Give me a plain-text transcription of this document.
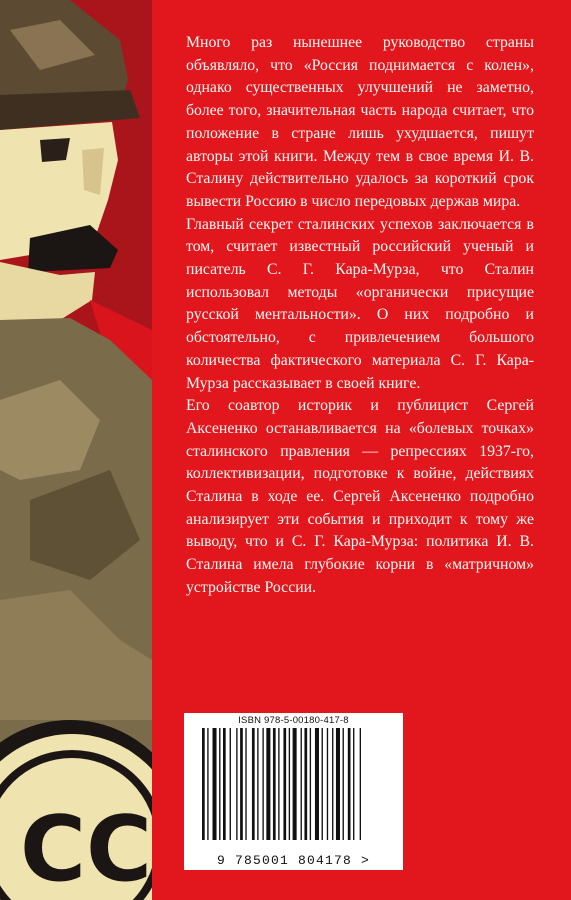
СС

Много раз нынешнее руководство страны объявляло, что «Россия поднимается с колен», однако существенных улучшений не заметно, более того, значительная часть народа считает, что положение в стране лишь ухудшается, пишут авторы этой книги. Между тем в свое время И. В. Сталину действительно удалось за короткий срок вывести Россию в число передовых держав мира.

Главный секрет сталинских успехов заключается в том, считает известный российский ученый и писатель С. Г. Кара-Мурза, что Сталин использовал методы «органически присущие русской ментальности». О них подробно и обстоятельно, с привлечением большого количества фактического материала С. Г. Кара-Мурза рассказывает в своей книге.

Его соавтор историк и публицист Сергей Аксененко останавливается на «болевых точках» сталинского правления — репрессиях 1937-го, коллективизации, подготовке к войне, действиях Сталина в ходе ее. Сергей Аксененко подробно анализирует эти события и приходит к тому же выводу, что и С. Г. Кара-Мурза: политика И. В. Сталина имела глубокие корни в «матричном» устройстве России.

ISBN 978-5-00180-417-8
9 785001 804178 >
